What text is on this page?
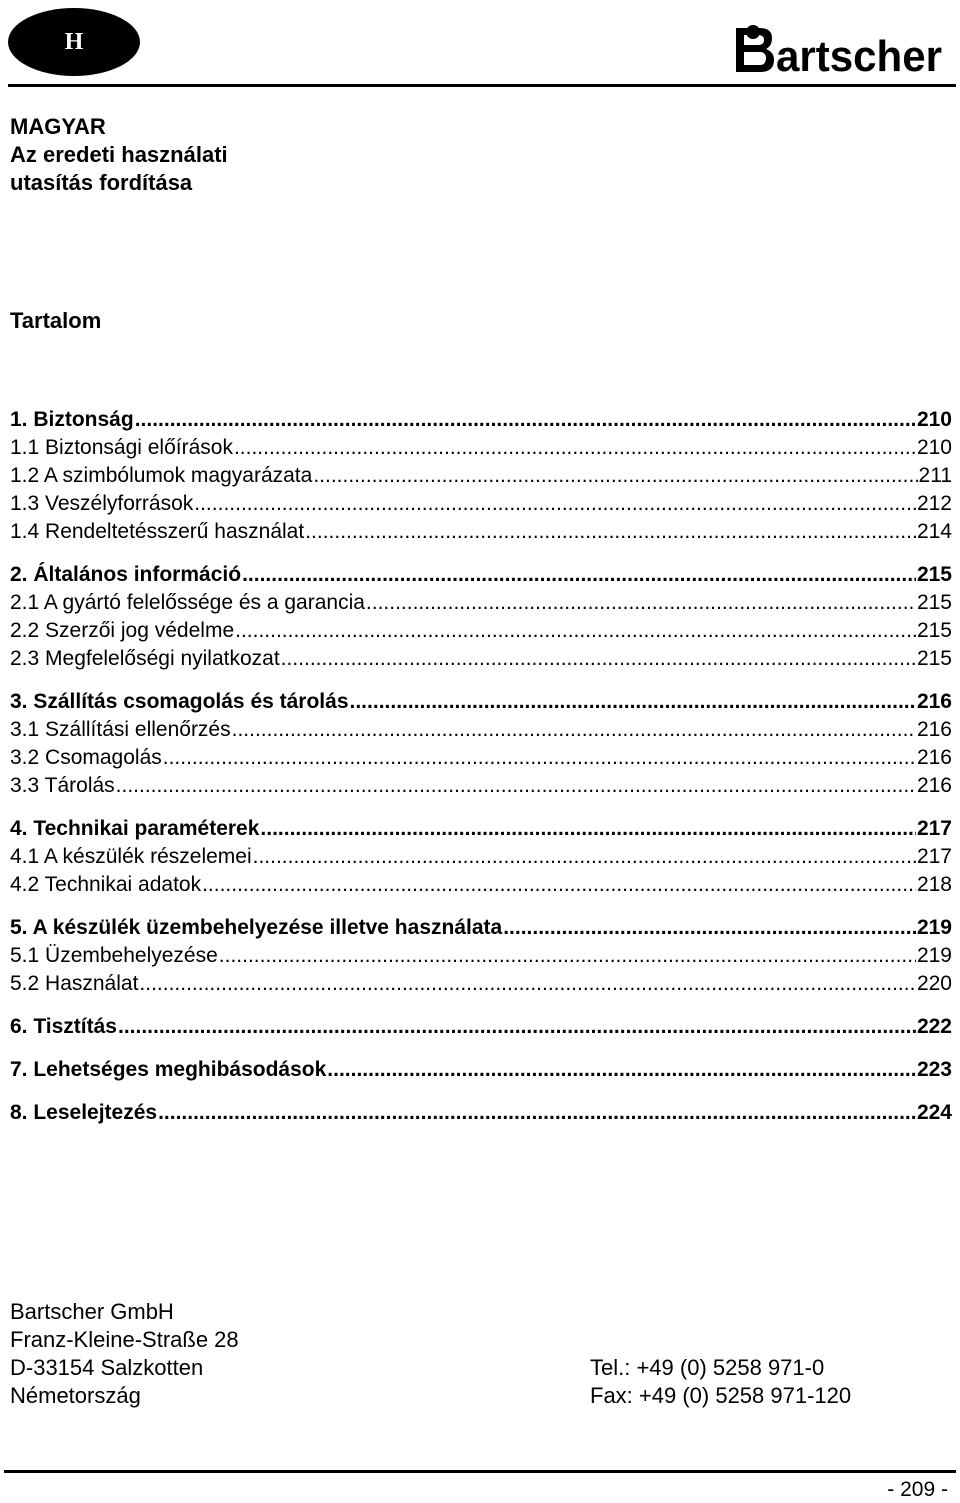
H	artscher
MAGYAR
Az eredeti használati
utasítás fordítása
Tartalom
1. Biztonság .....	210
1.1 Biztonsági előírások .....	210
1.2 A szimbólumok magyarázata .....	211
1.3 Veszélyforrások .....	212
1.4 Rendeltetésszerű használat .....	214
2. Általános információ .....	215
2.1 A gyártó felelőssége és a garancia .....	215
2.2 Szerzői jog védelme .....	215
2.3 Megfelelőségi nyilatkozat .....	215
3. Szállítás csomagolás és tárolás .....	216
3.1 Szállítási ellenőrzés .....	216
3.2 Csomagolás .....	216
3.3 Tárolás .....	216
4. Technikai paraméterek .....	217
4.1 A készülék részelemei .....	217
4.2 Technikai adatok .....	218
5. A készülék üzembehelyezése illetve használata .....	219
5.1 Üzembehelyezése .....	219
5.2 Használat .....	220
6. Tisztítás .....	222
7. Lehetséges meghibásodások .....	223
8. Leselejtezés .....	224
Bartscher GmbH
Franz-Kleine-Straße 28
D-33154 Salzkotten
Németország
Tel.: +49 (0) 5258 971-0
Fax: +49 (0) 5258 971-120
- 209 -
